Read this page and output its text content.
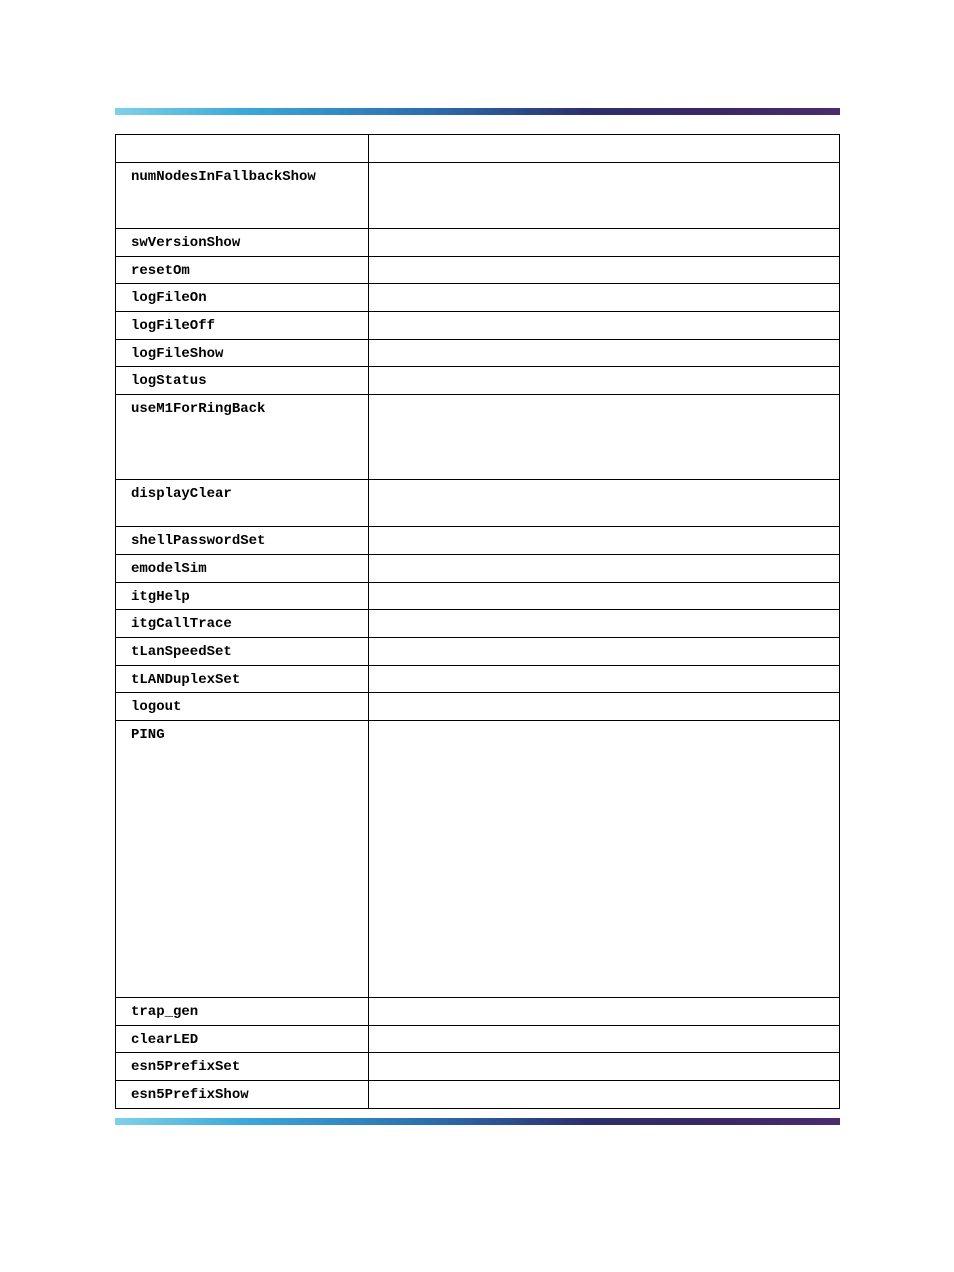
numNodesInFallbackShow	

swVersionShow	

resetOm	

logFileOn	

logFileOff	

logFileShow	

logStatus	

useM1ForRingBack	

displayClear	

shellPasswordSet	

emodelSim	

itgHelp	

itgCallTrace	

tLanSpeedSet	

tLANDuplexSet	

logout	

PING	

trap_gen	

clearLED	

esn5PrefixSet	

esn5PrefixShow	
